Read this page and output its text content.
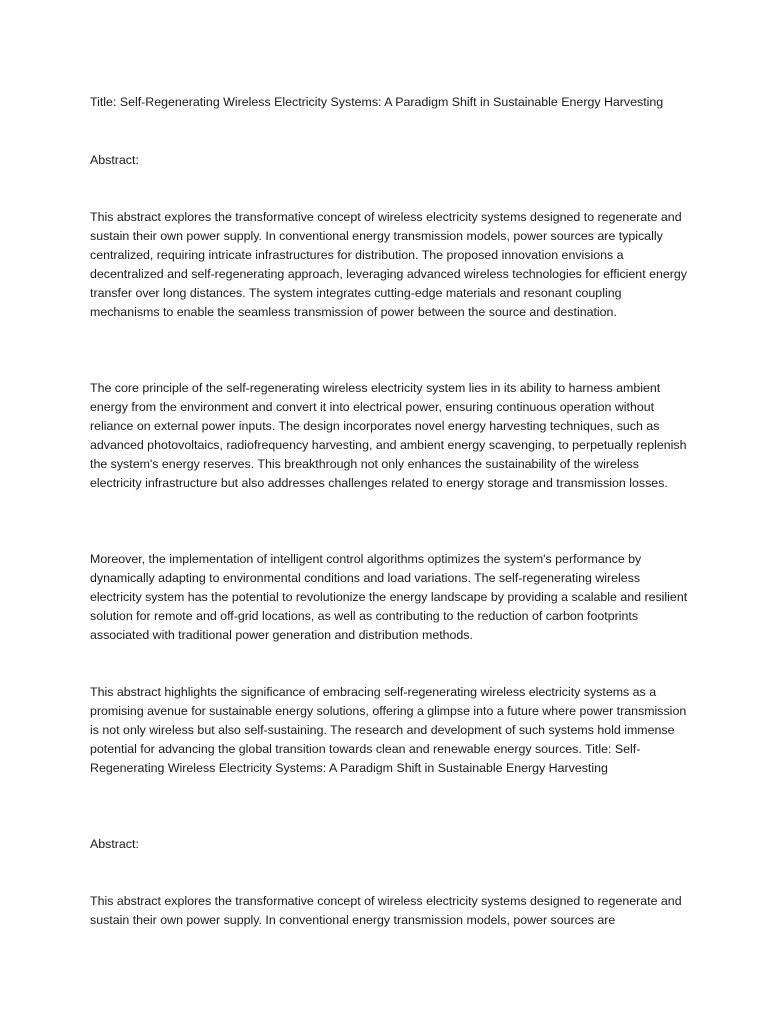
Title: Self-Regenerating Wireless Electricity Systems: A Paradigm Shift in Sustainable Energy Harvesting

Abstract:

This abstract explores the transformative concept of wireless electricity systems designed to regenerate and sustain their own power supply. In conventional energy transmission models, power sources are typically centralized, requiring intricate infrastructures for distribution. The proposed innovation envisions a decentralized and self-regenerating approach, leveraging advanced wireless technologies for efficient energy transfer over long distances. The system integrates cutting-edge materials and resonant coupling mechanisms to enable the seamless transmission of power between the source and destination.

The core principle of the self-regenerating wireless electricity system lies in its ability to harness ambient energy from the environment and convert it into electrical power, ensuring continuous operation without reliance on external power inputs. The design incorporates novel energy harvesting techniques, such as advanced photovoltaics, radiofrequency harvesting, and ambient energy scavenging, to perpetually replenish the system's energy reserves. This breakthrough not only enhances the sustainability of the wireless electricity infrastructure but also addresses challenges related to energy storage and transmission losses.

Moreover, the implementation of intelligent control algorithms optimizes the system's performance by dynamically adapting to environmental conditions and load variations. The self-regenerating wireless electricity system has the potential to revolutionize the energy landscape by providing a scalable and resilient solution for remote and off-grid locations, as well as contributing to the reduction of carbon footprints associated with traditional power generation and distribution methods.

This abstract highlights the significance of embracing self-regenerating wireless electricity systems as a promising avenue for sustainable energy solutions, offering a glimpse into a future where power transmission is not only wireless but also self-sustaining. The research and development of such systems hold immense potential for advancing the global transition towards clean and renewable energy sources. Title: Self-Regenerating Wireless Electricity Systems: A Paradigm Shift in Sustainable Energy Harvesting

Abstract:

This abstract explores the transformative concept of wireless electricity systems designed to regenerate and sustain their own power supply. In conventional energy transmission models, power sources are
